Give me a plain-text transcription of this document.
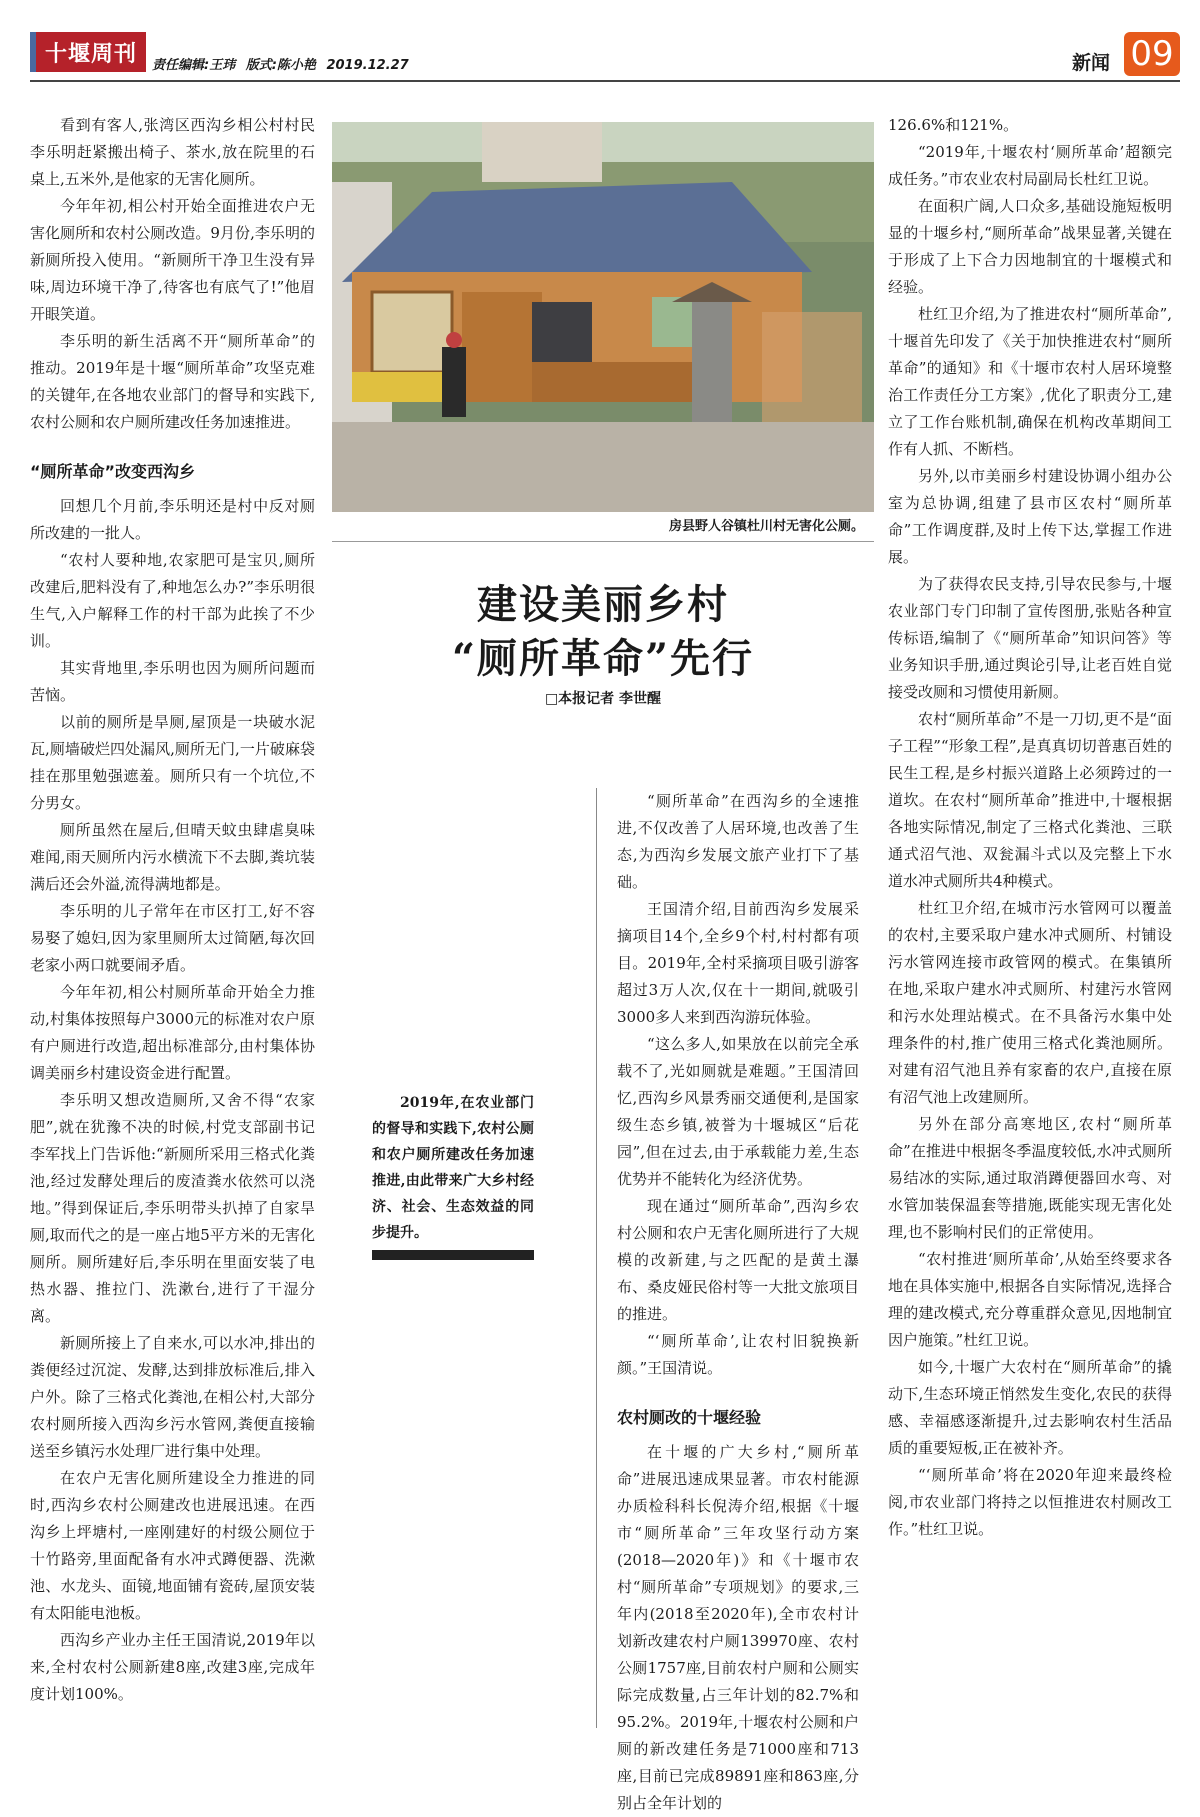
十堰周刊	责任编辑:王玮 版式:陈小艳 2019.12.27	新闻 09

看到有客人,张湾区西沟乡相公村村民李乐明赶紧搬出椅子、茶水,放在院里的石桌上,五米外,是他家的无害化厕所。

今年年初,相公村开始全面推进农户无害化厕所和农村公厕改造。9月份,李乐明的新厕所投入使用。“新厕所干净卫生没有异味,周边环境干净了,待客也有底气了!”他眉开眼笑道。

李乐明的新生活离不开“厕所革命”的推动。2019年是十堰“厕所革命”攻坚克难的关键年,在各地农业部门的督导和实践下,农村公厕和农户厕所建改任务加速推进。

“厕所革命”改变西沟乡

回想几个月前,李乐明还是村中反对厕所改建的一批人。

“农村人要种地,农家肥可是宝贝,厕所改建后,肥料没有了,种地怎么办?”李乐明很生气,入户解释工作的村干部为此挨了不少训。

其实背地里,李乐明也因为厕所问题而苦恼。

以前的厕所是旱厕,屋顶是一块破水泥瓦,厕墙破烂四处漏风,厕所无门,一片破麻袋挂在那里勉强遮羞。厕所只有一个坑位,不分男女。

厕所虽然在屋后,但晴天蚊虫肆虐臭味难闻,雨天厕所内污水横流下不去脚,粪坑装满后还会外溢,流得满地都是。

李乐明的儿子常年在市区打工,好不容易娶了媳妇,因为家里厕所太过简陋,每次回老家小两口就要闹矛盾。

今年年初,相公村厕所革命开始全力推动,村集体按照每户3000元的标准对农户原有户厕进行改造,超出标准部分,由村集体协调美丽乡村建设资金进行配置。

李乐明又想改造厕所,又舍不得“农家肥”,就在犹豫不决的时候,村党支部副书记李军找上门告诉他:“新厕所采用三格式化粪池,经过发酵处理后的废渣粪水依然可以浇地。”得到保证后,李乐明带头扒掉了自家旱厕,取而代之的是一座占地5平方米的无害化厕所。厕所建好后,李乐明在里面安装了电热水器、推拉门、洗漱台,进行了干湿分离。

新厕所接上了自来水,可以水冲,排出的粪便经过沉淀、发酵,达到排放标准后,排入户外。除了三格式化粪池,在相公村,大部分农村厕所接入西沟乡污水管网,粪便直接输送至乡镇污水处理厂进行集中处理。

在农户无害化厕所建设全力推进的同时,西沟乡农村公厕建改也进展迅速。在西沟乡上坪塘村,一座刚建好的村级公厕位于十竹路旁,里面配备有水冲式蹲便器、洗漱池、水龙头、面镜,地面铺有瓷砖,屋顶安装有太阳能电池板。

西沟乡产业办主任王国清说,2019年以来,全村农村公厕新建8座,改建3座,完成年度计划100%。

房县野人谷镇杜川村无害化公厕。
建设美丽乡村
“厕所革命”先行
□本报记者 李世醒
2019年,在农业部门的督导和实践下,农村公厕和农户厕所建改任务加速推进,由此带来广大乡村经济、社会、生态效益的同步提升。

“厕所革命”在西沟乡的全速推进,不仅改善了人居环境,也改善了生态,为西沟乡发展文旅产业打下了基础。

王国清介绍,目前西沟乡发展采摘项目14个,全乡9个村,村村都有项目。2019年,全村采摘项目吸引游客超过3万人次,仅在十一期间,就吸引3000多人来到西沟游玩体验。

“这么多人,如果放在以前完全承载不了,光如厕就是难题。”王国清回忆,西沟乡风景秀丽交通便利,是国家级生态乡镇,被誉为十堰城区“后花园”,但在过去,由于承载能力差,生态优势并不能转化为经济优势。

现在通过“厕所革命”,西沟乡农村公厕和农户无害化厕所进行了大规模的改新建,与之匹配的是黄土瀑布、桑皮娅民俗村等一大批文旅项目的推进。

“‘厕所革命’,让农村旧貌换新颜。”王国清说。

农村厕改的十堰经验

在十堰的广大乡村,“厕所革命”进展迅速成果显著。市农村能源办质检科科长倪涛介绍,根据《十堰市“厕所革命”三年攻坚行动方案(2018—2020年)》和《十堰市农村“厕所革命”专项规划》的要求,三年内(2018至2020年),全市农村计划新改建农村户厕139970座、农村公厕1757座,目前农村户厕和公厕实际完成数量,占三年计划的82.7%和95.2%。2019年,十堰农村公厕和户厕的新改建任务是71000座和713座,目前已完成89891座和863座,分别占全年计划的

126.6%和121%。

“2019年,十堰农村‘厕所革命’超额完成任务。”市农业农村局副局长杜红卫说。

在面积广阔,人口众多,基础设施短板明显的十堰乡村,“厕所革命”战果显著,关键在于形成了上下合力因地制宜的十堰模式和经验。

杜红卫介绍,为了推进农村“厕所革命”,十堰首先印发了《关于加快推进农村“厕所革命”的通知》和《十堰市农村人居环境整治工作责任分工方案》,优化了职责分工,建立了工作台账机制,确保在机构改革期间工作有人抓、不断档。

另外,以市美丽乡村建设协调小组办公室为总协调,组建了县市区农村“厕所革命”工作调度群,及时上传下达,掌握工作进展。

为了获得农民支持,引导农民参与,十堰农业部门专门印制了宣传图册,张贴各种宣传标语,编制了《“厕所革命”知识问答》等业务知识手册,通过舆论引导,让老百姓自觉接受改厕和习惯使用新厕。

农村“厕所革命”不是一刀切,更不是“面子工程”“形象工程”,是真真切切普惠百姓的民生工程,是乡村振兴道路上必须跨过的一道坎。在农村“厕所革命”推进中,十堰根据各地实际情况,制定了三格式化粪池、三联通式沼气池、双瓮漏斗式以及完整上下水道水冲式厕所共4种模式。

杜红卫介绍,在城市污水管网可以覆盖的农村,主要采取户建水冲式厕所、村铺设污水管网连接市政管网的模式。在集镇所在地,采取户建水冲式厕所、村建污水管网和污水处理站模式。在不具备污水集中处理条件的村,推广使用三格式化粪池厕所。对建有沼气池且养有家畜的农户,直接在原有沼气池上改建厕所。

另外在部分高寒地区,农村“厕所革命”在推进中根据冬季温度较低,水冲式厕所易结冰的实际,通过取消蹲便器回水弯、对水管加装保温套等措施,既能实现无害化处理,也不影响村民们的正常使用。

“农村推进‘厕所革命’,从始至终要求各地在具体实施中,根据各自实际情况,选择合理的建改模式,充分尊重群众意见,因地制宜因户施策。”杜红卫说。

如今,十堰广大农村在“厕所革命”的撬动下,生态环境正悄然发生变化,农民的获得感、幸福感逐渐提升,过去影响农村生活品质的重要短板,正在被补齐。

“‘厕所革命’将在2020年迎来最终检阅,市农业部门将持之以恒推进农村厕改工作。”杜红卫说。
